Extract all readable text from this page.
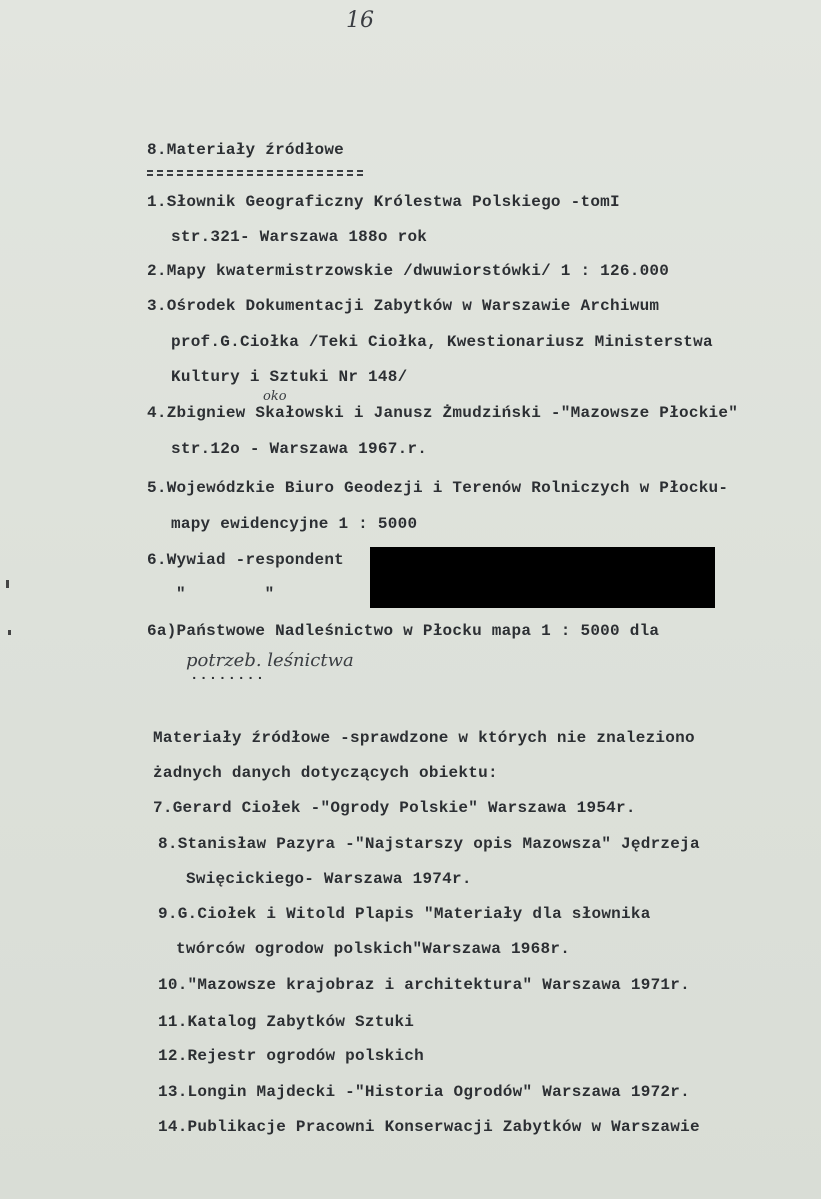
16
8.Materiały źródłowe
1.Słownik Geograficzny Królestwa Polskiego -tomI
str.321- Warszawa 188o rok
2.Mapy kwatermistrzowskie /dwuwiorstówki/ 1 : 126.000
3.Ośrodek Dokumentacji Zabytków w Warszawie Archiwum
prof.G.Ciołka /Teki Ciołka, Kwestionariusz Ministerstwa
Kultury i Sztuki Nr 148/
oko
4.Zbigniew Skałowski i Janusz Żmudziński -"Mazowsze Płockie"
str.12o - Warszawa 1967.r.
5.Wojewódzkie Biuro Geodezji i Terenów Rolniczych w Płocku-
mapy ewidencyjne 1 : 5000
6.Wywiad -respondent
"        "
6a)Państwowe Nadleśnictwo w Płocku mapa 1 : 5000 dla
potrzeb. leśnictwa
........
Materiały źródłowe -sprawdzone w których nie znaleziono
żadnych danych dotyczących obiektu:
7.Gerard Ciołek -"Ogrody Polskie" Warszawa 1954r.
8.Stanisław Pazyra -"Najstarszy opis Mazowsza" Jędrzeja
Swięcickiego- Warszawa 1974r.
9.G.Ciołek i Witold Plapis "Materiały dla słownika
twórców ogrodow polskich"Warszawa 1968r.
10."Mazowsze krajobraz i architektura" Warszawa 1971r.
11.Katalog Zabytków Sztuki
12.Rejestr ogrodów polskich
13.Longin Majdecki -"Historia Ogrodów" Warszawa 1972r.
14.Publikacje Pracowni Konserwacji Zabytków w Warszawie
